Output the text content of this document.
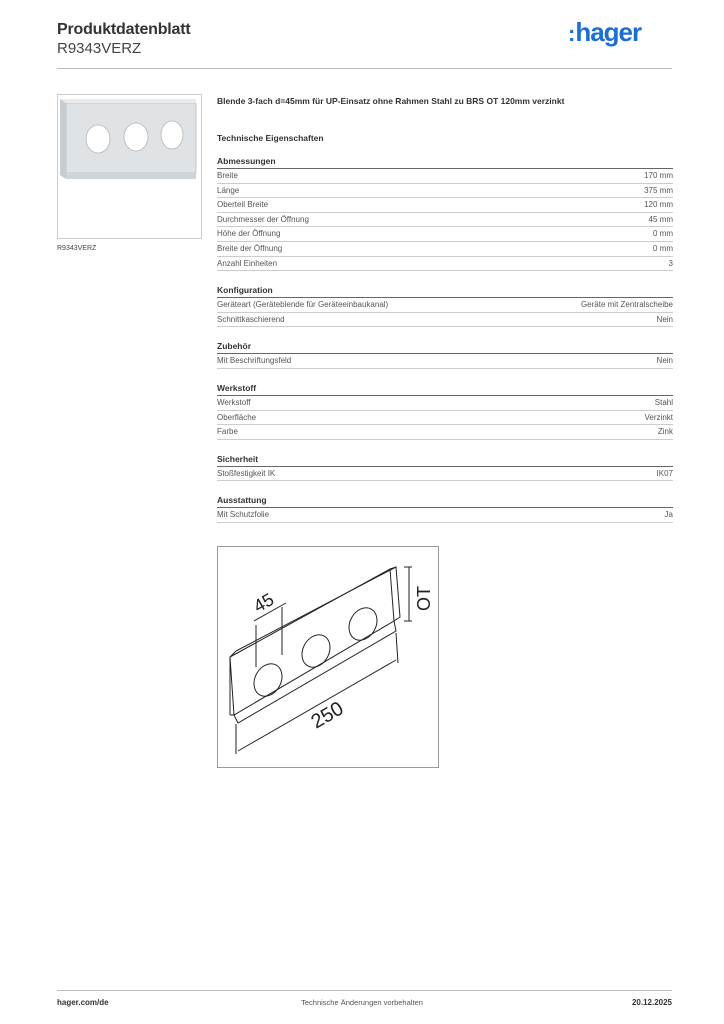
Produktdatenblatt
R9343VERZ
:hager
R9343VERZ

Blende 3-fach d=45mm für UP-Einsatz ohne Rahmen Stahl zu BRS OT 120mm verzinkt

Technische Eigenschaften
Abmessungen
Breite	170 mm
Länge	375 mm
Oberteil Breite	120 mm
Durchmesser der Öffnung	45 mm
Höhe der Öffnung	0 mm
Breite der Öffnung	0 mm
Anzahl Einheiten	3
Konfiguration
Geräteart (Geräteblende für Geräteeinbaukanal)	Geräte mit Zentralscheibe
Schnittkaschierend	Nein
Zubehör
Mit Beschriftungsfeld	Nein
Werkstoff
Werkstoff	Stahl
Oberfläche	Verzinkt
Farbe	Zink
Sicherheit
Stoßfestigkeit IK	IK07
Ausstattung
Mit Schutzfolie	Ja
250
45	OT
hager.com/de	Technische Änderungen vorbehalten	20.12.2025
